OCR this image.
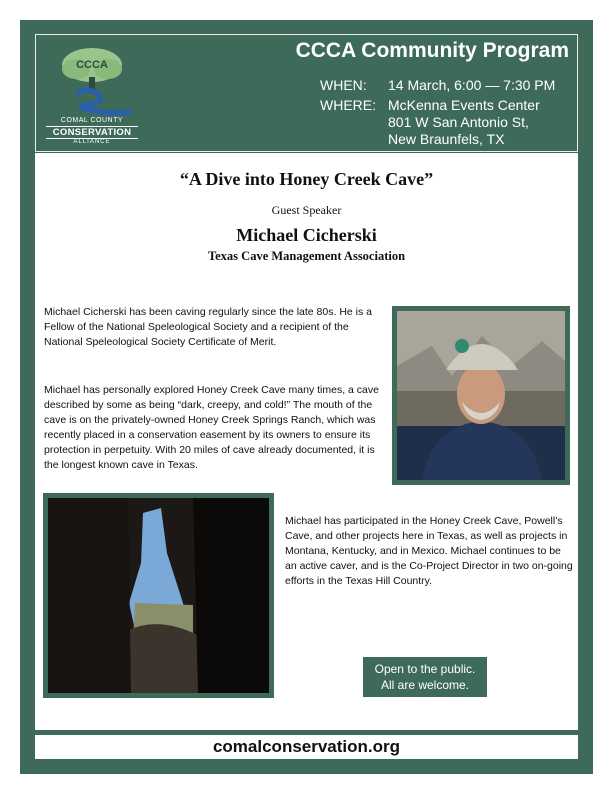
CCCA
COMAL COUNTY
CONSERVATION
ALLIANCE
CCCA Community Program
WHEN: 14 March, 6:00 — 7:30 PM
WHERE: McKenna Events Center
801 W San Antonio St,
New Braunfels, TX
“A Dive into Honey Creek Cave”
Guest Speaker
Michael Cicherski
Texas Cave Management Association
Michael Cicherski has been caving regularly since the late 80s. He is a Fellow of the National Speleological Society and a recipient of the National Speleological Society Certificate of Merit.
Michael has personally explored Honey Creek Cave many times, a cave described by some as being “dark, creepy, and cold!” The mouth of the cave is on the privately-owned Honey Creek Springs Ranch, which was recently placed in a conservation easement by its owners to ensure its protection in perpetuity. With 20 miles of cave already documented, it is the longest known cave in Texas.
Michael has participated in the Honey Creek Cave, Powell’s Cave, and other projects here in Texas, as well as projects in Montana, Kentucky, and in Mexico. Michael continues to be an active caver, and is the Co-Project Director in two on-going efforts in the Texas Hill Country.
Open to the public.
All are welcome.
comalconservation.org
